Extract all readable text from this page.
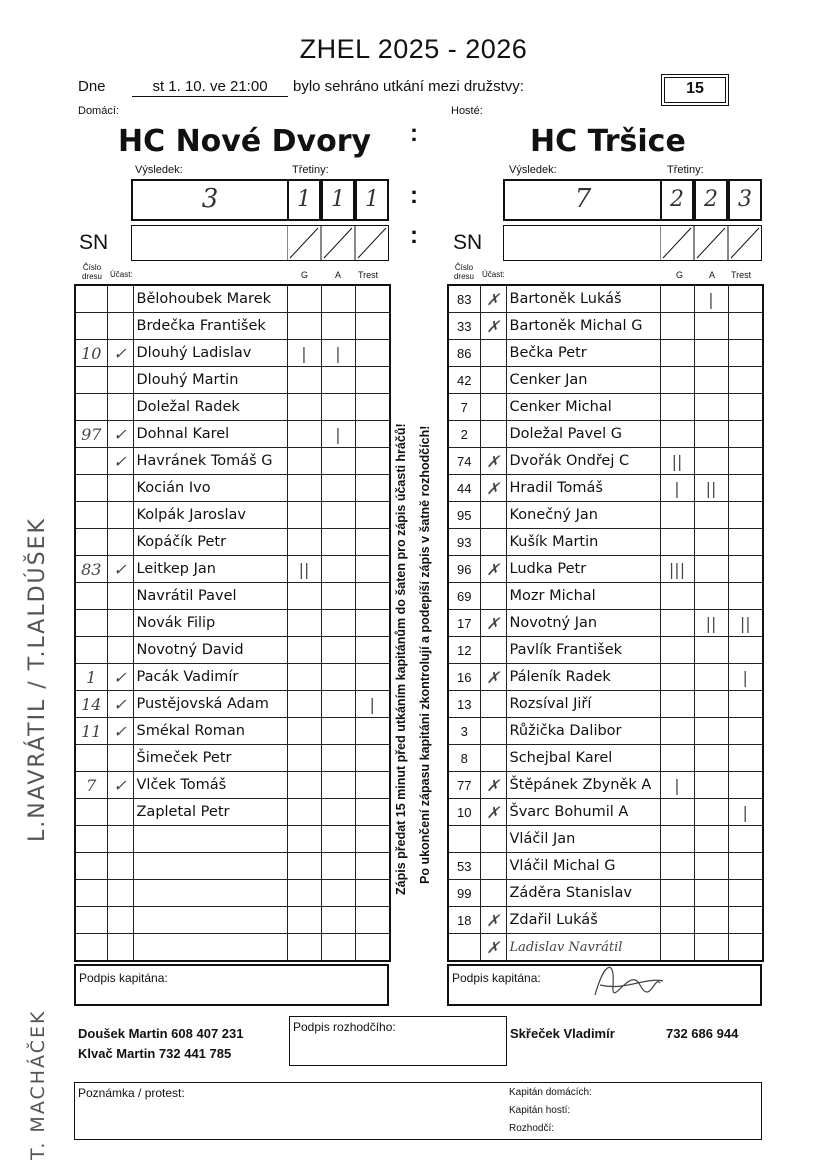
ZHEL 2025 - 2026
Dne	st 1. 10. ve 21:00	bylo sehráno utkání mezi družstvy:	15
Domácí:	Hosté:
HC Nové Dvory	HC Tršice
:
:
:
Výsledek:	Třetiny:
3	1 1 1
SN
Výsledek:	Třetiny:
7	2 2 3
SN
Číslo dresu Účast:	G	A Trest
Číslo dresu	Účast:	G	A Trest
		Bělohoubek Marek			
		Brdečka František			
10	✓	Dlouhý Ladislav	|	|	
		Dlouhý Martin			
		Doležal Radek			
97	✓	Dohnal Karel		|	
	✓	Havránek Tomáš G			
		Kocián Ivo			
		Kolpák Jaroslav			
		Kopáčík Petr			
83	✓	Leitkep Jan	||		
		Navrátil Pavel			
		Novák Filip			
		Novotný David			
1	✓	Pacák Vadimír			
14	✓	Pustějovská Adam			|
11	✓	Smékal Roman			
		Šimeček Petr			
7	✓	Vlček Tomáš			
		Zapletal Petr			

83	✗	Bartoněk Lukáš		|	
33	✗	Bartoněk Michal G			
86		Bečka Petr			
42		Cenker Jan			
7		Cenker Michal			
2		Doležal Pavel G			
74	✗	Dvořák Ondřej C	||		
44	✗	Hradil Tomáš	|	||	
95		Konečný Jan			
93		Kušík Martin			
96	✗	Ludka Petr	|||		
69		Mozr Michal			
17	✗	Novotný Jan		||	||
12		Pavlík František			
16	✗	Páleník Radek			|
13		Rozsíval Jiří			
3		Růžička Dalibor			
8		Schejbal Karel			
77	✗	Štěpánek Zbyněk A	|		
10	✗	Švarc Bohumil A			|
		Vláčil Jan			
53		Vláčil Michal G			
99		Záděra Stanislav			
18	✗	Zdařil Lukáš			
	✗	Ladislav Navrátil			
Zápis předat 15 minut před utkáním kapitánům do šaten pro zápis účasti hráčů! Po ukončení zápasu kapitáni zkontrolují a podepíší zápis v šatně rozhodčích!
Podpis kapitána:	Podpis kapitána:
Doušek Martin 608 407 231
Klvač Martin 732 441 785
Podpis rozhodčího:	Skřeček Vladimír	732 686 944
Poznámka / protest:	Kapitán domácích:
Kapitán hostí:
Rozhodčí:
L.NAVRÁTIL / T.LALDÚŠEK
T. MACHÁČEK
